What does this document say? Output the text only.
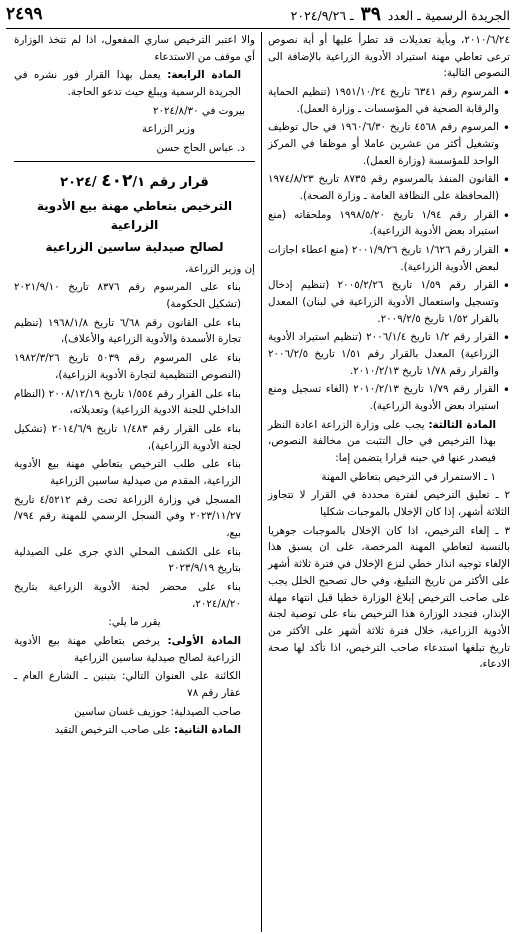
الجريدة الرسمية ـ العدد ٣٩ ـ ٢٠٢٤/٩/٢٦
٢٤٩٩

٢٠١٠/٦/٢٤، وبأية تعديلات قد تطرأ عليها أو أية نصوص ترعى تعاطي مهنة استيراد الأدوية الزراعية بالإضافة الى النصوص التالية:

• المرسوم رقم ٦٣٤١ تاريخ ١٩٥١/١٠/٢٤ (تنظيم الحماية والرقابة الصحية في المؤسسات ـ وزارة العمل).

• المرسوم رقم ٤٥٦٨ تاريخ ١٩٦٠/٦/٣٠ في حال توظيف وتشغيل أكثر من عشرين عاملا أو موظفا في المركز الواحد للمؤسسة (وزارة العمل).

• القانون المنفذ بالمرسوم رقم ٨٧٣٥ تاريخ ١٩٧٤/٨/٢٣ (المحافظة على النظافة العامة ـ وزارة الصحة).

• القرار رقم ١/٩٤ تاريخ ١٩٩٨/٥/٢٠ وملحقاته (منع استيراد بعض الأدوية الزراعية).

• القرار رقم ١/٦٢٦ تاريخ ٢٠٠١/٩/٢٦ (منع اعطاء اجازات لبعض الأدوية الزراعية).

• القرار رقم ١/٥٩ تاريخ ٢٠٠٥/٢/٢٦ (تنظيم إدخال وتسجيل واستعمال الأدوية الزراعية في لبنان) المعدل بالقرار ١/٥٢ تاريخ ٢٠٠٩/٢/٥.

• القرار رقم ١/٢ تاريخ ٢٠٠٦/١/٤ (تنظيم استيراد الأدوية الزراعية) المعدل بالقرار رقم ١/٥١ تاريخ ٢٠٠٦/٢/٥ والقرار رقم ١/٧٨ تاريخ ٢٠١٠/٢/١٣.

• القرار رقم ١/٧٩ تاريخ ٢٠١٠/٢/١٣ (الغاء تسجيل ومنع استيراد بعض الأدوية الزراعية).

المادة الثالثة: يجب على وزارة الزراعة اعادة النظر بهذا الترخيص في حال التثبت من مخالفة النصوص، فيصدر عنها في حينه قرارا يتضمن إما:

١ ـ الاستمرار في الترخيص بتعاطي المهنة

٢ ـ تعليق الترخيص لفترة محددة في القرار لا تتجاوز الثلاثة أشهر، إذا كان الإخلال بالموجبات شكليا

٣ ـ إلغاء الترخيص، اذا كان الإخلال بالموجبات جوهريا بالنسبة لتعاطي المهنة المرخصة، على ان يسبق هذا الإلغاء توجيه انذار خطي لنزع الإخلال في فترة ثلاثة أشهر على الأكثر من تاريخ التبليغ، وفي حال تصحيح الخلل يجب على صاحب الترخيص إبلاغ الوزارة خطيا قبل انتهاء مهلة الإنذار، فتجدد الوزارة هذا الترخيص بناء على توصية لجنة الأدوية الزراعية، خلال فترة ثلاثة أشهر على الأكثر من تاريخ تبلغها استدعاء صاحب الترخيص، اذا تأكد لها صحة الادعاء،

والا اعتبر الترخيص ساري المفعول، اذا لم تتخذ الوزارة أي موقف من الاستدعاء

المادة الرابعة: يعمل بهذا القرار فور نشره في الجريدة الرسمية ويبلغ حيث تدعو الحاجة.

بيروت في ٢٠٢٤/٨/٣٠

وزير الزراعة

د. عباس الحاج حسن

قرار رقم ٤٠٢/١ /٢٠٢٤

الترخيص بتعاطي مهنة بيع الأدوية الزراعية

لصالح صيدلية ساسين الزراعية

إن وزير الزراعة،

بناء على المرسوم رقم ٨٣٧٦ تاريخ ٢٠٢١/٩/١٠ (تشكيل الحكومة)

بناء على القانون رقم ٦/٦٨ تاريخ ١٩٦٨/١/٨ (تنظيم تجارة الأسمدة والأدوية الزراعية والأعلاف)،

بناء على المرسوم رقم ٥٠٣٩ تاريخ ١٩٨٢/٣/٢٦ (النصوص التنظيمية لتجارة الأدوية الزراعية)،

بناء على القرار رقم ١/٥٥٤ تاريخ ٢٠٠٨/١٢/١٩ (النظام الداخلي للجنة الادوية الزراعية) وتعديلاته،

بناء على القرار رقم ١/٤٨٣ تاريخ ٢٠١٤/٦/٩ (تشكيل لجنة الأدوية الزراعية)،

بناء على طلب الترخيص بتعاطي مهنة بيع الأدوية الزراعية، المقدم من صيدلية ساسين الزراعية

المسجل في وزارة الزراعة تحت رقم ٤/٥٢١٢ تاريخ ٢٠٢٣/١١/٢٧ وفي السجل الرسمي للمهنة رقم ٧٩٤/بيع،

بناء على الكشف المحلي الذي جرى على الصيدلية بتاريخ ٢٠٢٣/٩/١٩

بناء على محضر لجنة الأدوية الزراعية بتاريخ ٢٠٢٤/٨/٢٠،

يقرر ما يلي:

المادة الأولى: يرخص بتعاطي مهنة بيع الأدوية الزراعية لصالح صيدلية ساسين الزراعية

الكائنة على العنوان التالي: بتبنين ـ الشارع العام ـ عقار رقم ٧٨

صاحب الصيدلية: جوزيف غسان ساسين

المادة الثانية: على صاحب الترخيص التقيد
